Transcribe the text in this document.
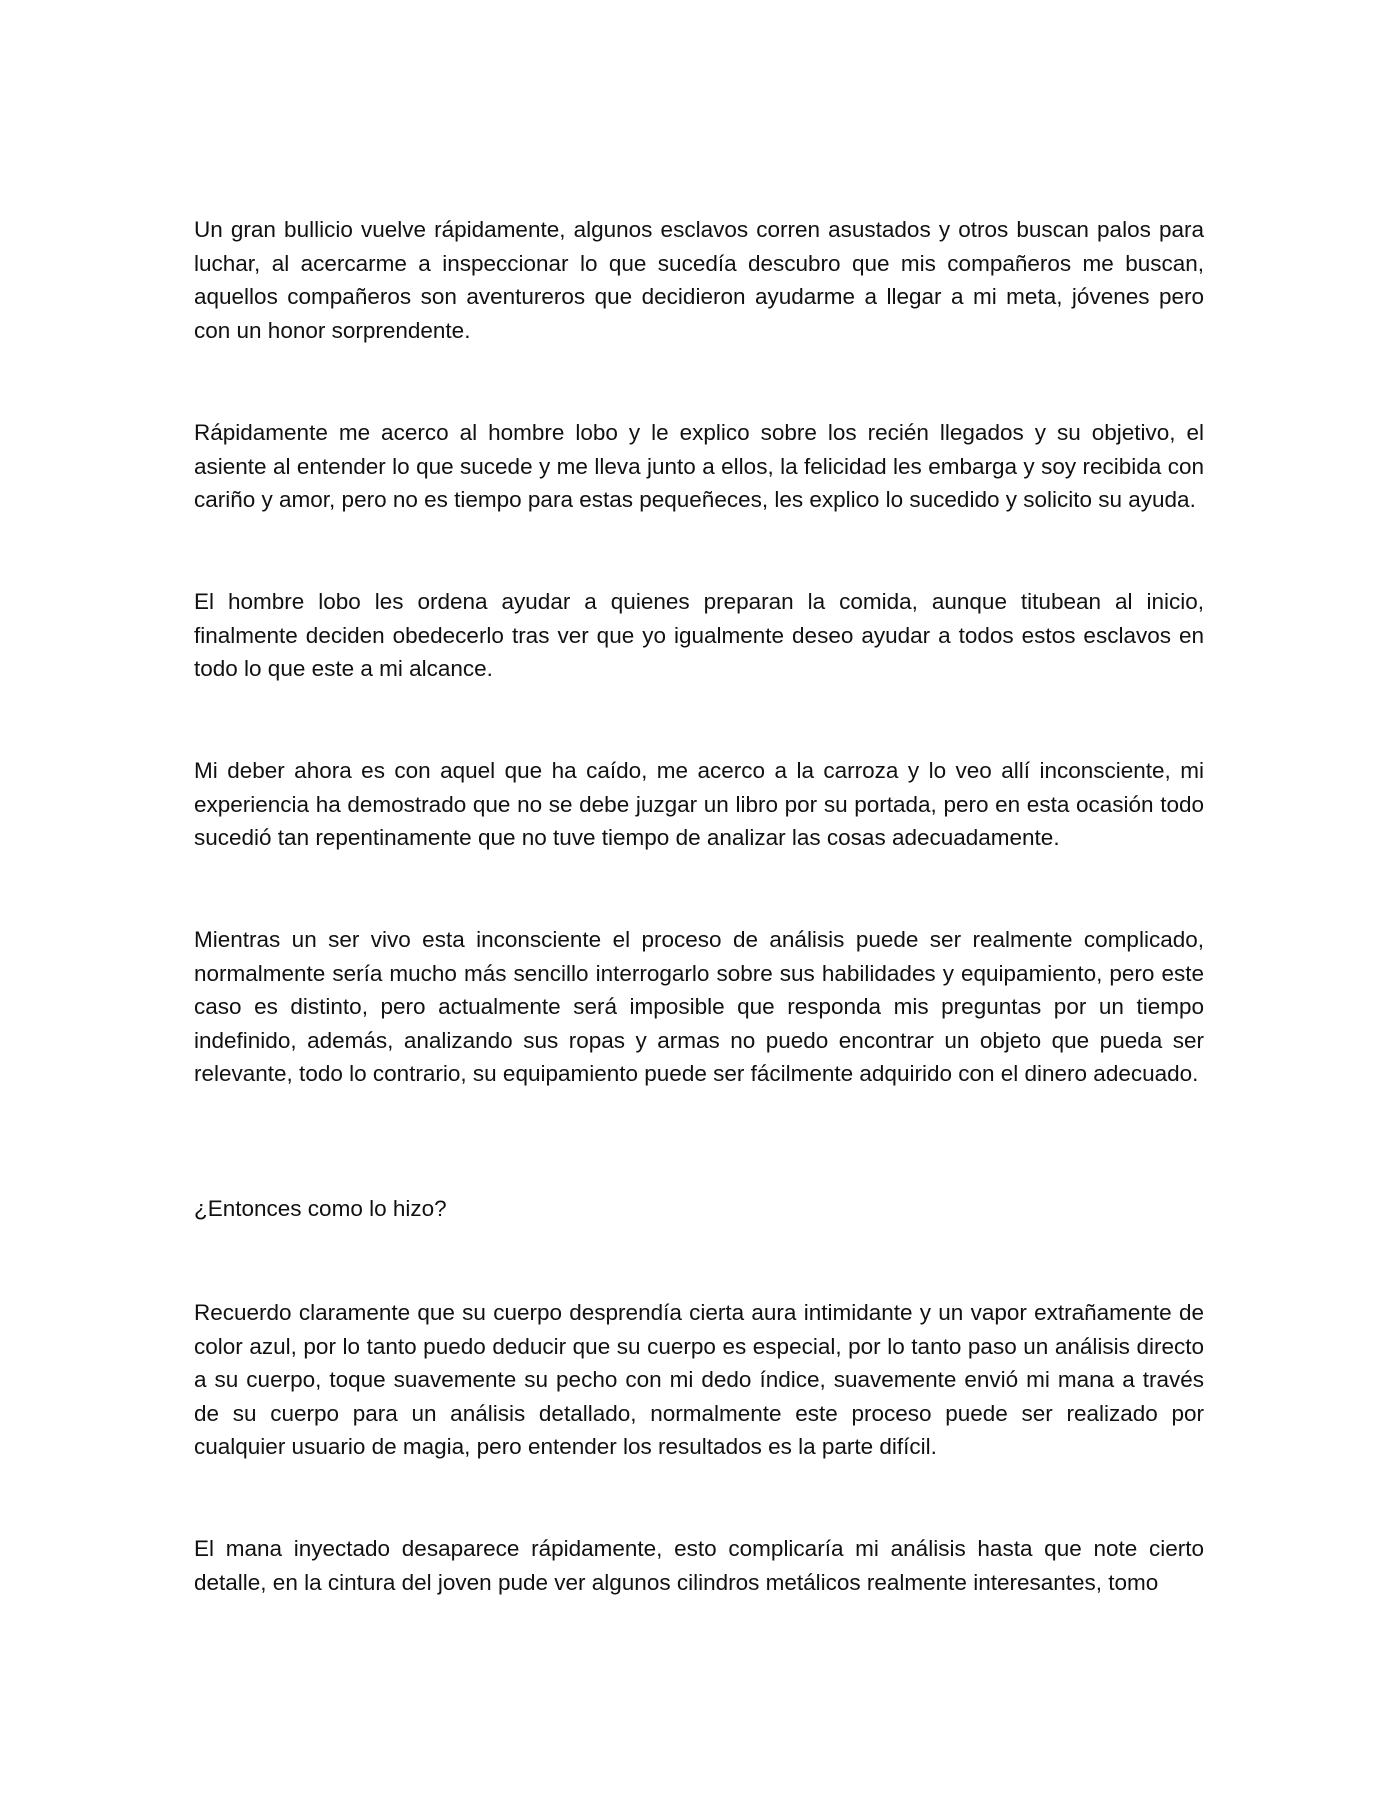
Un gran bullicio vuelve rápidamente, algunos esclavos corren asustados y otros buscan palos para luchar, al acercarme a inspeccionar lo que sucedía descubro que mis compañeros me buscan, aquellos compañeros son aventureros que decidieron ayudarme a llegar a mi meta, jóvenes pero con un honor sorprendente.

Rápidamente me acerco al hombre lobo y le explico sobre los recién llegados y su objetivo, el asiente al entender lo que sucede y me lleva junto a ellos, la felicidad les embarga y soy recibida con cariño y amor, pero no es tiempo para estas pequeñeces, les explico lo sucedido y solicito su ayuda.

El hombre lobo les ordena ayudar a quienes preparan la comida, aunque titubean al inicio, finalmente deciden obedecerlo tras ver que yo igualmente deseo ayudar a todos estos esclavos en todo lo que este a mi alcance.

Mi deber ahora es con aquel que ha caído, me acerco a la carroza y lo veo allí inconsciente, mi experiencia ha demostrado que no se debe juzgar un libro por su portada, pero en esta ocasión todo sucedió tan repentinamente que no tuve tiempo de analizar las cosas adecuadamente.

Mientras un ser vivo esta inconsciente el proceso de análisis puede ser realmente complicado, normalmente sería mucho más sencillo interrogarlo sobre sus habilidades y equipamiento, pero este caso es distinto, pero actualmente será imposible que responda mis preguntas por un tiempo indefinido, además, analizando sus ropas y armas no puedo encontrar un objeto que pueda ser relevante, todo lo contrario, su equipamiento puede ser fácilmente adquirido con el dinero adecuado.

¿Entonces como lo hizo?

Recuerdo claramente que su cuerpo desprendía cierta aura intimidante y un vapor extrañamente de color azul, por lo tanto puedo deducir que su cuerpo es especial, por lo tanto paso un análisis directo a su cuerpo, toque suavemente su pecho con mi dedo índice, suavemente envió mi mana a través de su cuerpo para un análisis detallado, normalmente este proceso puede ser realizado por cualquier usuario de magia, pero entender los resultados es la parte difícil.

El mana inyectado desaparece rápidamente, esto complicaría mi análisis hasta que note cierto detalle, en la cintura del joven pude ver algunos cilindros metálicos realmente interesantes, tomo
